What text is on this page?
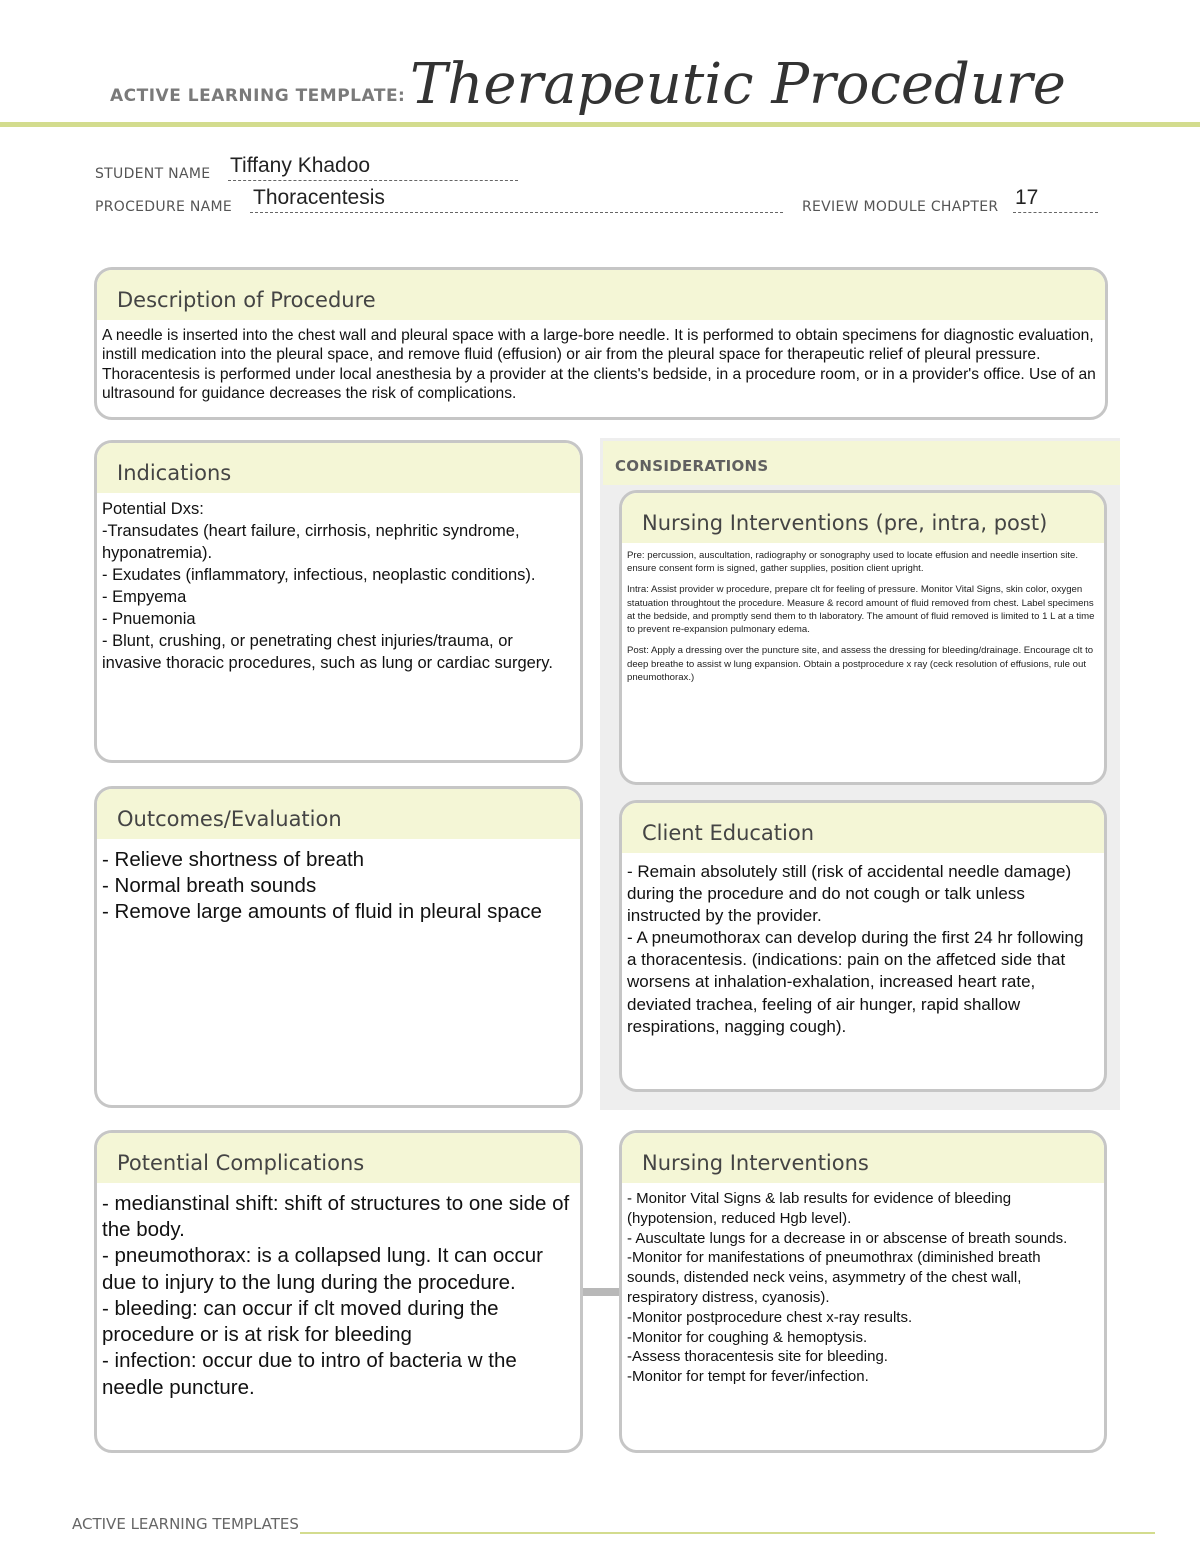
ACTIVE LEARNING TEMPLATE: Therapeutic Procedure
STUDENT NAME Tiffany Khadoo
PROCEDURE NAME Thoracentesis	REVIEW MODULE CHAPTER 17
Description of Procedure
A needle is inserted into the chest wall and pleural space with a large-bore needle. It is performed to obtain specimens for diagnostic evaluation, instill medication into the pleural space, and remove fluid (effusion) or air from the pleural space for therapeutic relief of pleural pressure. Thoracentesis is performed under local anesthesia by a provider at the clients's bedside, in a procedure room, or in a provider's office. Use of an ultrasound for guidance decreases the risk of complications.
Indications
Potential Dxs:
-Transudates (heart failure, cirrhosis, nephritic syndrome, hyponatremia).
- Exudates (inflammatory, infectious, neoplastic conditions).
- Empyema
- Pnuemonia
- Blunt, crushing, or penetrating chest injuries/trauma, or invasive thoracic procedures, such as lung or cardiac surgery.
CONSIDERATIONS
Nursing Interventions (pre, intra, post)

Pre: percussion, auscultation, radiography or sonography used to locate effusion and needle insertion site. ensure consent form is signed, gather supplies, position client upright.

Intra: Assist provider w procedure, prepare clt for feeling of pressure. Monitor Vital Signs, skin color, oxygen statuation throughtout the procedure. Measure & record amount of fluid removed from chest. Label specimens at the bedside, and promptly send them to th laboratory. The amount of fluid removed is limited to 1 L at a time to prevent re-expansion pulmonary edema.

Post: Apply a dressing over the puncture site, and assess the dressing for bleeding/drainage. Encourage clt to deep breathe to assist w lung expansion. Obtain a postprocedure x ray (ceck resolution of effusions, rule out pneumothorax.)

Outcomes/Evaluation
- Relieve shortness of breath
- Normal breath sounds
- Remove large amounts of fluid in pleural space
Client Education
- Remain absolutely still (risk of accidental needle damage) during the procedure and do not cough or talk unless instructed by the provider.
- A pneumothorax can develop during the first 24 hr following a thoracentesis. (indications: pain on the affetced side that worsens at inhalation-exhalation, increased heart rate, deviated trachea, feeling of air hunger, rapid shallow respirations, nagging cough).
Potential Complications
- medianstinal shift: shift of structures to one side of the body.
- pneumothorax: is a collapsed lung. It can occur due to injury to the lung during the procedure.
- bleeding: can occur if clt moved during the procedure or is at risk for bleeding
- infection: occur due to intro of bacteria w the needle puncture.
Nursing Interventions
- Monitor Vital Signs & lab results for evidence of bleeding (hypotension, reduced Hgb level).
- Auscultate lungs for a decrease in or abscense of breath sounds.
-Monitor for manifestations of pneumothrax (diminished breath sounds, distended neck veins, asymmetry of the chest wall, respiratory distress, cyanosis).
-Monitor postprocedure chest x-ray results.
-Monitor for coughing & hemoptysis.
-Assess thoracentesis site for bleeding.
-Monitor for tempt for fever/infection.
ACTIVE LEARNING TEMPLATES
